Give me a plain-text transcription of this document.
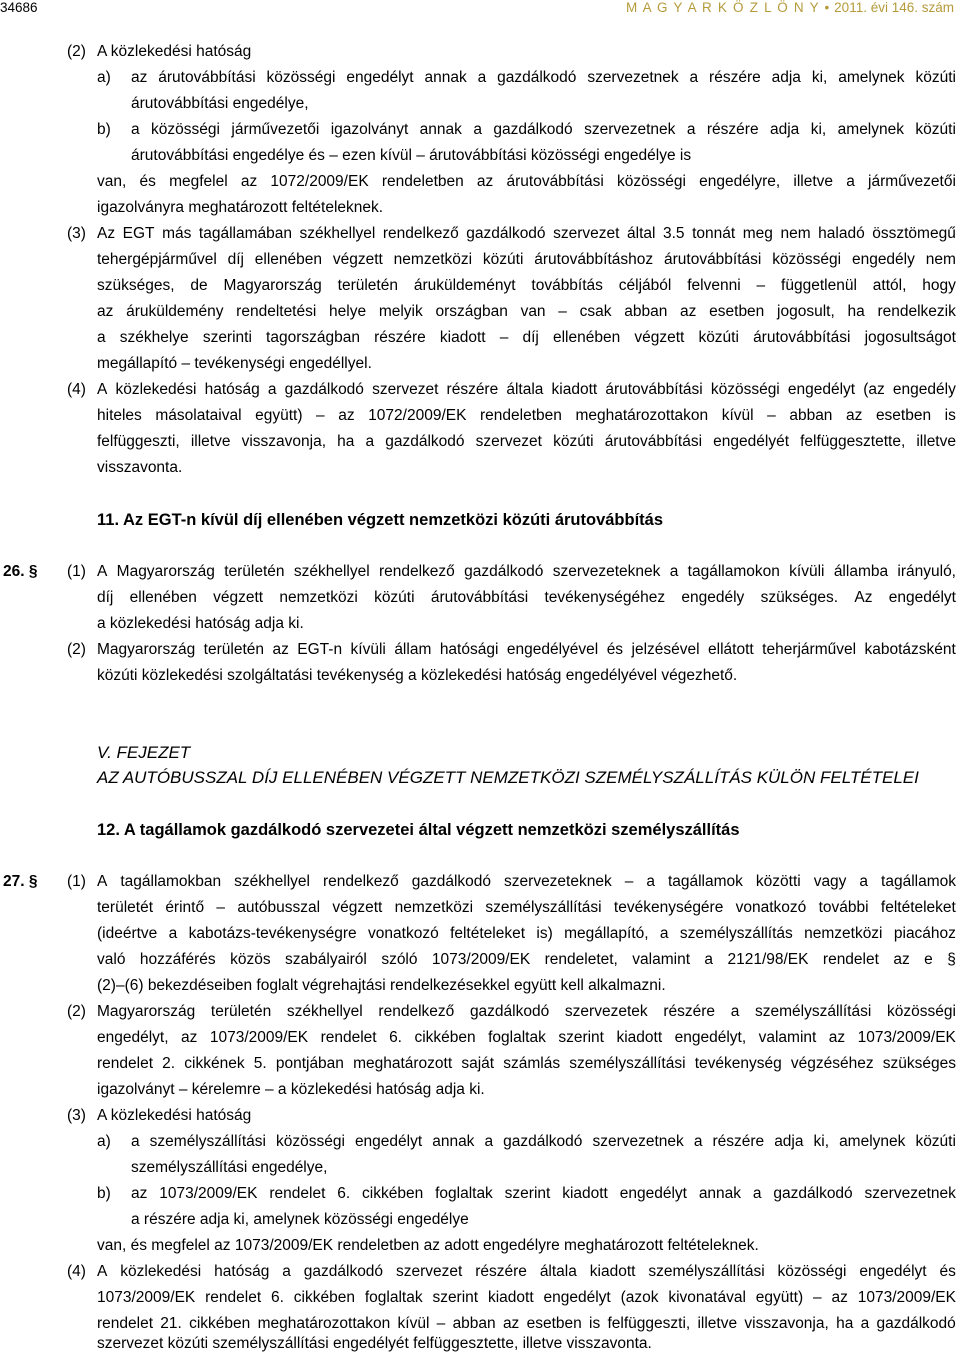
34686	M A G Y A R K Ö Z L Ö N Y • 2011. évi 146. szám
(2) A közlekedési hatóság
a) az árutovábbítási közösségi engedélyt annak a gazdálkodó szervezetnek a részére adja ki, amelynek közúti
árutovábbítási engedélye,
b) a közösségi járművezetői igazolványt annak a gazdálkodó szervezetnek a részére adja ki, amelynek közúti
árutovábbítási engedélye és – ezen kívül – árutovábbítási közösségi engedélye is
van, és megfelel az 1072/2009/EK rendeletben az árutovábbítási közösségi engedélyre, illetve a járművezetői
igazolványra meghatározott feltételeknek.
(3) Az EGT más tagállamában székhellyel rendelkező gazdálkodó szervezet által 3.5 tonnát meg nem haladó össztömegű
tehergépjárművel díj ellenében végzett nemzetközi közúti árutovábbításhoz árutovábbítási közösségi engedély nem
szükséges, de Magyarország területén áruküldeményt továbbítás céljából felvenni – függetlenül attól, hogy
az áruküldemény rendeltetési helye melyik országban van – csak abban az esetben jogosult, ha rendelkezik
a székhelye szerinti tagországban részére kiadott – díj ellenében végzett közúti árutovábbítási jogosultságot
megállapító – tevékenységi engedéllyel.
(4) A közlekedési hatóság a gazdálkodó szervezet részére általa kiadott árutovábbítási közösségi engedélyt (az engedély
hiteles másolataival együtt) – az 1072/2009/EK rendeletben meghatározottakon kívül – abban az esetben is
felfüggeszti, illetve visszavonja, ha a gazdálkodó szervezet közúti árutovábbítási engedélyét felfüggesztette, illetve
visszavonta.
11. Az EGT-n kívül díj ellenében végzett nemzetközi közúti árutovábbítás
26. § (1) A Magyarország területén székhellyel rendelkező gazdálkodó szervezeteknek a tagállamokon kívüli államba irányuló,
díj ellenében végzett nemzetközi közúti árutovábbítási tevékenységéhez engedély szükséges. Az engedélyt
a közlekedési hatóság adja ki.
(2) Magyarország területén az EGT-n kívüli állam hatósági engedélyével és jelzésével ellátott teherjárművel kabotázsként
közúti közlekedési szolgáltatási tevékenység a közlekedési hatóság engedélyével végezhető.
V. FEJEZET
AZ AUTÓBUSSZAL DÍJ ELLENÉBEN VÉGZETT NEMZETKÖZI SZEMÉLYSZÁLLÍTÁS KÜLÖN FELTÉTELEI
12. A tagállamok gazdálkodó szervezetei által végzett nemzetközi személyszállítás
27. § (1) A tagállamokban székhellyel rendelkező gazdálkodó szervezeteknek – a tagállamok közötti vagy a tagállamok
területét érintő – autóbusszal végzett nemzetközi személyszállítási tevékenységére vonatkozó további feltételeket
(ideértve a kabotázs-tevékenységre vonatkozó feltételeket is) megállapító, a személyszállítás nemzetközi piacához
való hozzáférés közös szabályairól szóló 1073/2009/EK rendeletet, valamint a 2121/98/EK rendelet az e §
(2)–(6) bekezdéseiben foglalt végrehajtási rendelkezésekkel együtt kell alkalmazni.
(2) Magyarország területén székhellyel rendelkező gazdálkodó szervezetek részére a személyszállítási közösségi
engedélyt, az 1073/2009/EK rendelet 6. cikkében foglaltak szerint kiadott engedélyt, valamint az 1073/2009/EK
rendelet 2. cikkének 5. pontjában meghatározott saját számlás személyszállítási tevékenység végzéséhez szükséges
igazolványt – kérelemre – a közlekedési hatóság adja ki.
(3) A közlekedési hatóság
a) a személyszállítási közösségi engedélyt annak a gazdálkodó szervezetnek a részére adja ki, amelynek közúti
személyszállítási engedélye,
b) az 1073/2009/EK rendelet 6. cikkében foglaltak szerint kiadott engedélyt annak a gazdálkodó szervezetnek
a részére adja ki, amelynek közösségi engedélye
van, és megfelel az 1073/2009/EK rendeletben az adott engedélyre meghatározott feltételeknek.
(4) A közlekedési hatóság a gazdálkodó szervezet részére általa kiadott személyszállítási közösségi engedélyt és
1073/2009/EK rendelet 6. cikkében foglaltak szerint kiadott engedélyt (azok kivonatával együtt) – az 1073/2009/EK
rendelet 21. cikkében meghatározottakon kívül – abban az esetben is felfüggeszti, illetve visszavonja, ha a gazdálkodó
szervezet közúti személyszállítási engedélyét felfüggesztette, illetve visszavonta.
